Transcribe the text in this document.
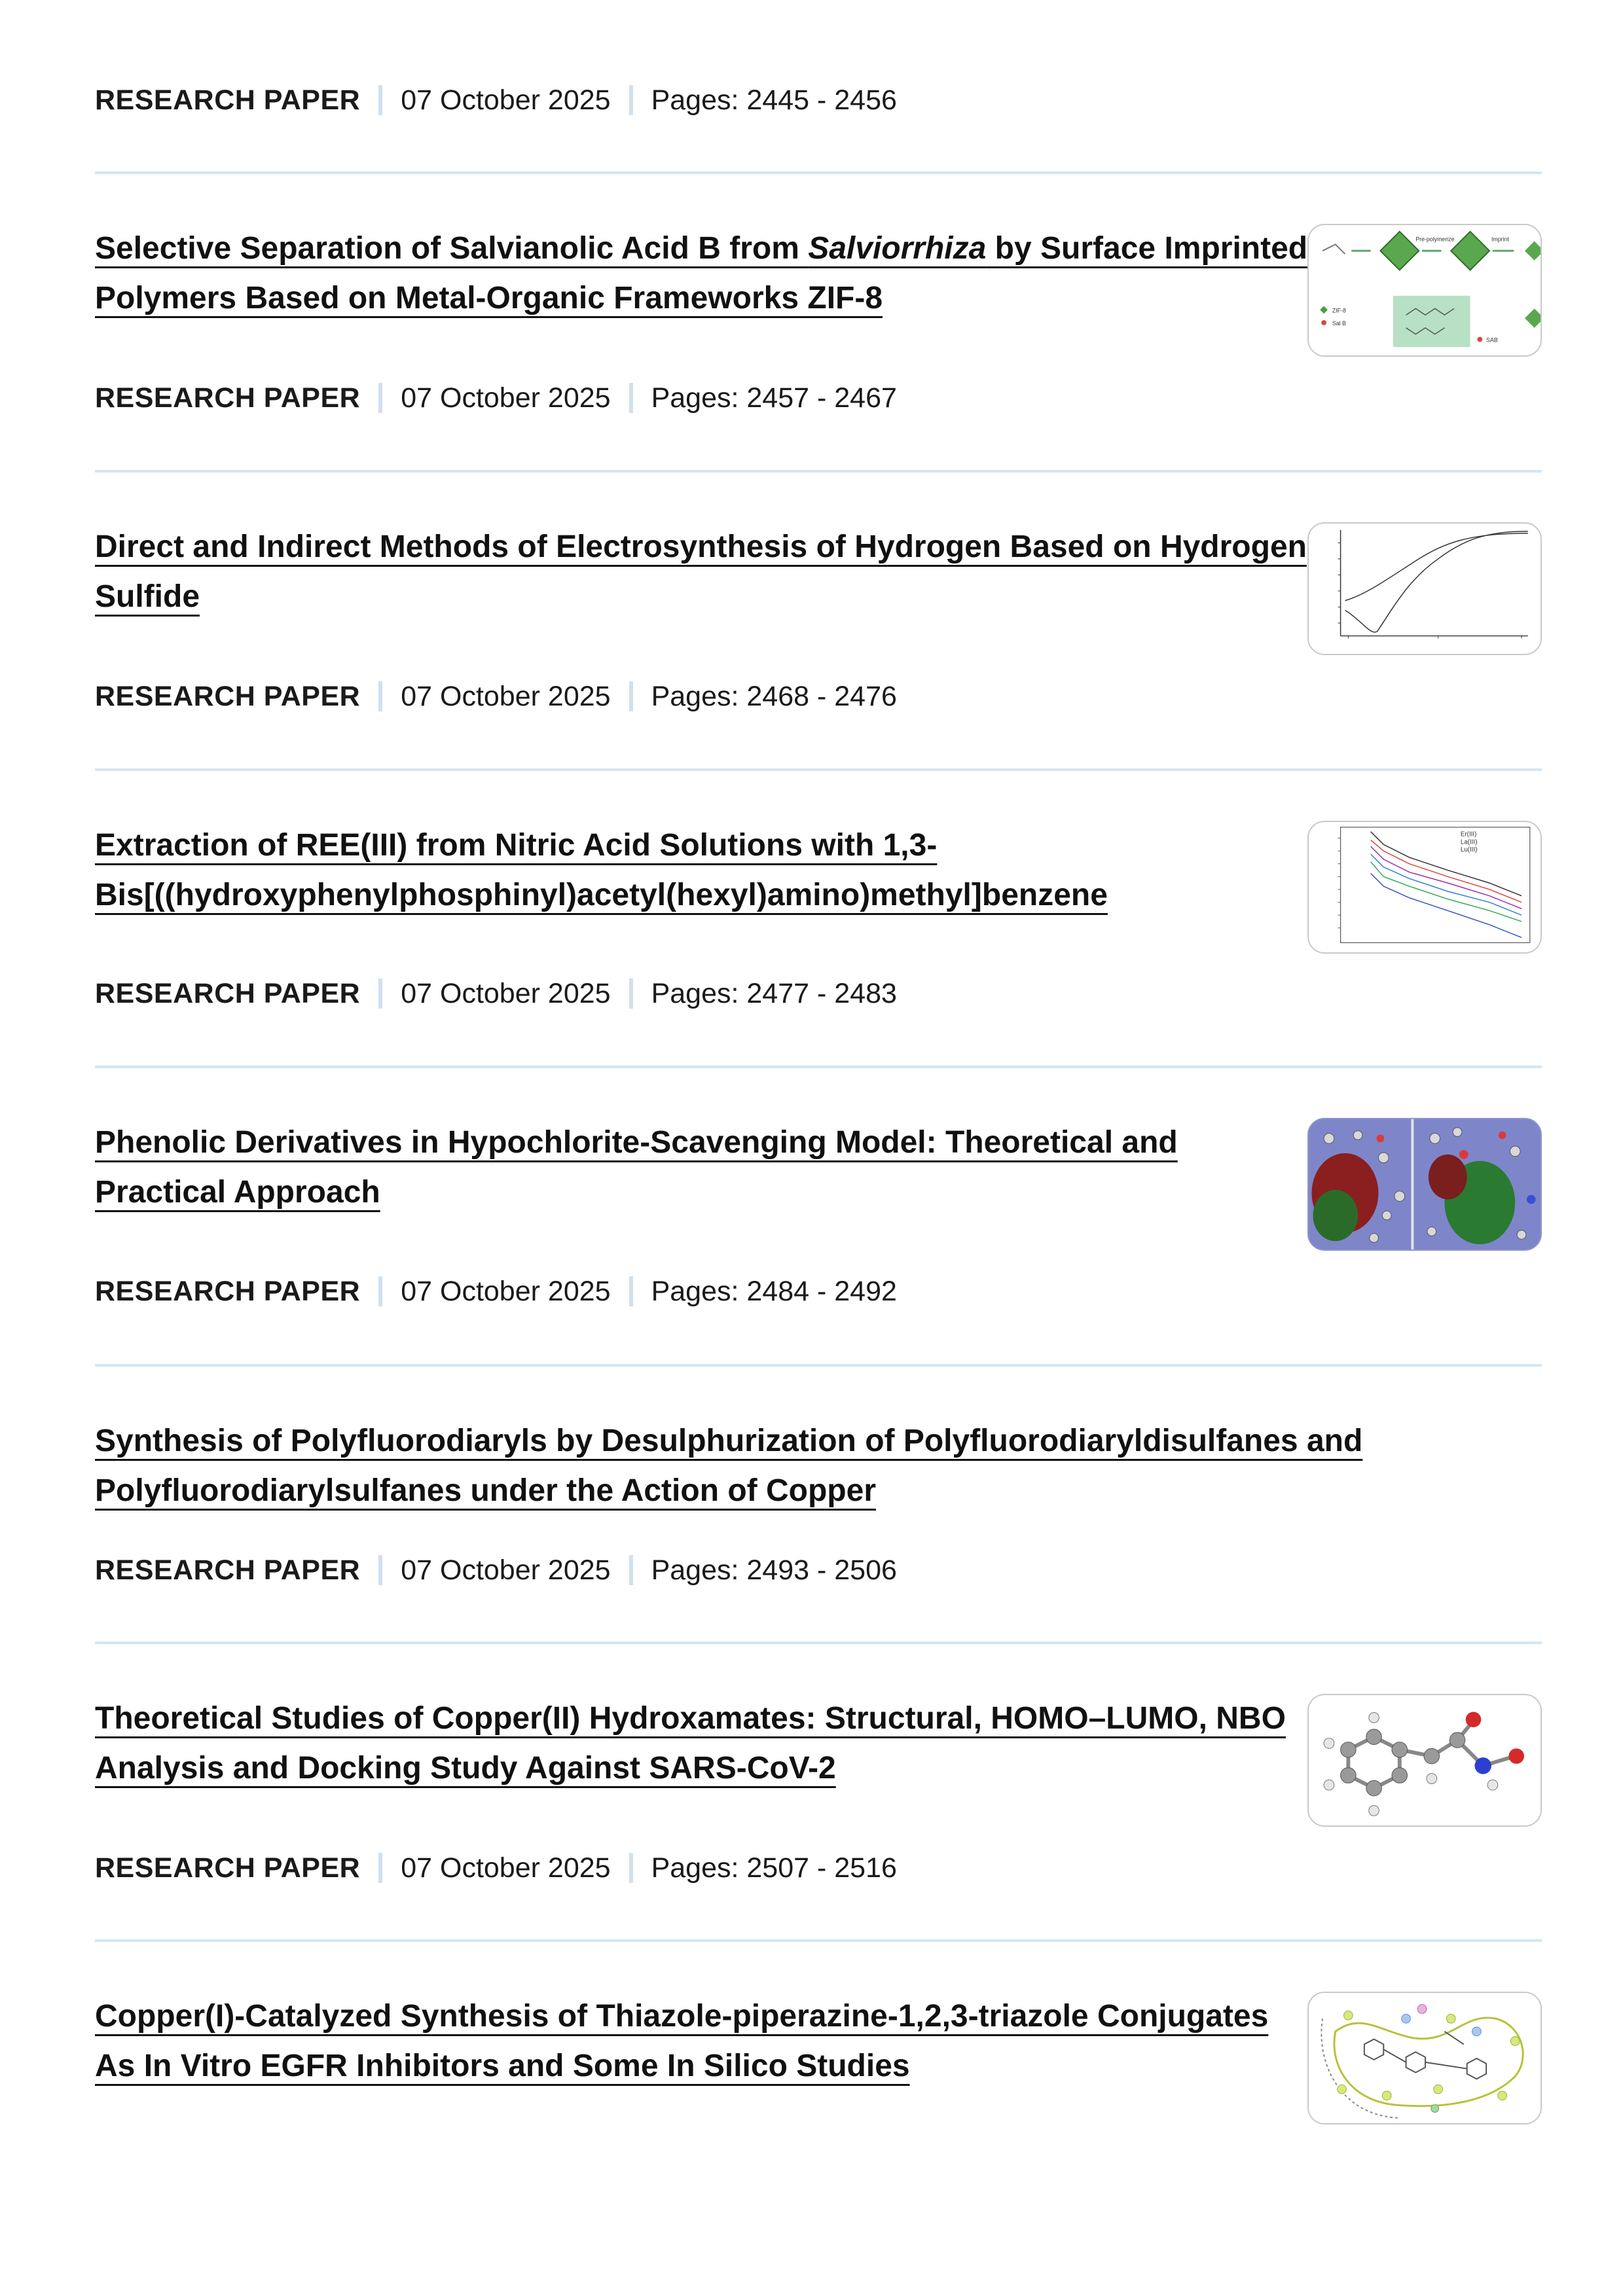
RESEARCH PAPER 07 October 2025 Pages: 2445 - 2456
Selective Separation of Salvianolic Acid B from Salviorrhiza by Surface Imprinted Polymers Based on Metal-Organic Frameworks ZIF-8
Pre-polymerize	Imprint
ZIF-8
Sal B
SAB
RESEARCH PAPER 07 October 2025 Pages: 2457 - 2467
Direct and Indirect Methods of Electrosynthesis of Hydrogen Based on Hydrogen Sulfide
RESEARCH PAPER 07 October 2025 Pages: 2468 - 2476
Extraction of REE(III) from Nitric Acid Solutions with 1,3-Bis[((hydroxyphenylphosphinyl)acetyl(hexyl)amino)methyl]benzene
Er(III)
La(III)
Lu(III)
RESEARCH PAPER 07 October 2025 Pages: 2477 - 2483
Phenolic Derivatives in Hypochlorite-Scavenging Model: Theoretical and Practical Approach
RESEARCH PAPER 07 October 2025 Pages: 2484 - 2492
Synthesis of Polyfluorodiaryls by Desulphurization of Polyfluorodiaryldisulfanes and Polyfluorodiarylsulfanes under the Action of Copper
RESEARCH PAPER 07 October 2025 Pages: 2493 - 2506
Theoretical Studies of Copper(II) Hydroxamates: Structural, HOMO–LUMO, NBO Analysis and Docking Study Against SARS-CoV-2
RESEARCH PAPER 07 October 2025 Pages: 2507 - 2516
Copper(I)-Catalyzed Synthesis of Thiazole-piperazine-1,2,3-triazole Conjugates As In Vitro EGFR Inhibitors and Some In Silico Studies
